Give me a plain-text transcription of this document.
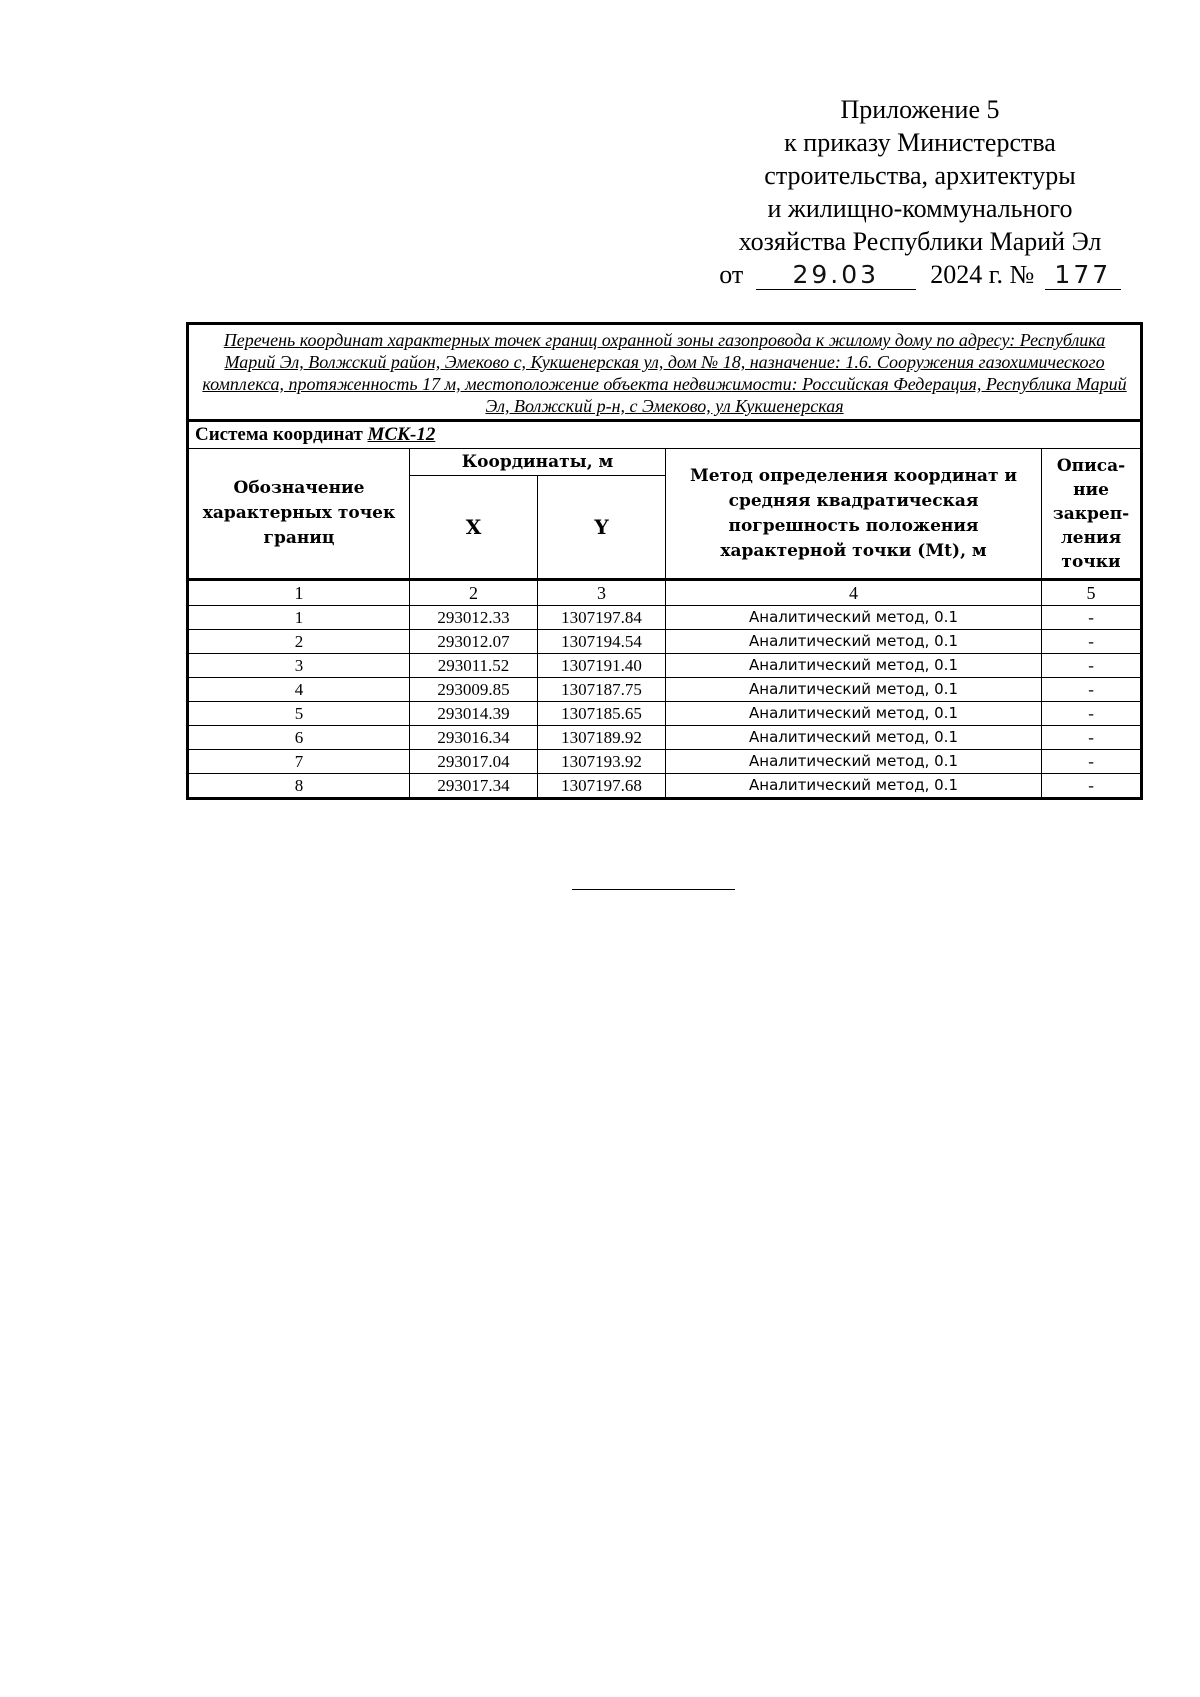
Приложение 5
к приказу Министерства
строительства, архитектуры
и жилищно-коммунального
хозяйства Республики Марий Эл
от 29.03 2024 г. № 177
Перечень координат характерных точек границ охранной зоны газопровода к жилому дому по адресу: Республика Марий Эл, Волжский район, Эмеково с, Кукшенерская ул, дом № 18, назначение: 1.6. Сооружения газохимического комплекса, протяженность 17 м, местоположение объекта недвижимости: Российская Федерация, Республика Марий Эл, Волжский р-н, с Эмеково, ул Кукшенерская				
Система координат МСК-12				
Обозначение характерных точек границ	Координаты, м		Метод определения координат и средняя квадратическая погрешность положения характерной точки (Mt), м	Описа-ние закреп-ления точки
	X	Y		
1	2	3	4	5
1	293012.33	1307197.84	Аналитический метод, 0.1	-
2	293012.07	1307194.54	Аналитический метод, 0.1	-
3	293011.52	1307191.40	Аналитический метод, 0.1	-
4	293009.85	1307187.75	Аналитический метод, 0.1	-
5	293014.39	1307185.65	Аналитический метод, 0.1	-
6	293016.34	1307189.92	Аналитический метод, 0.1	-
7	293017.04	1307193.92	Аналитический метод, 0.1	-
8	293017.34	1307197.68	Аналитический метод, 0.1	-
